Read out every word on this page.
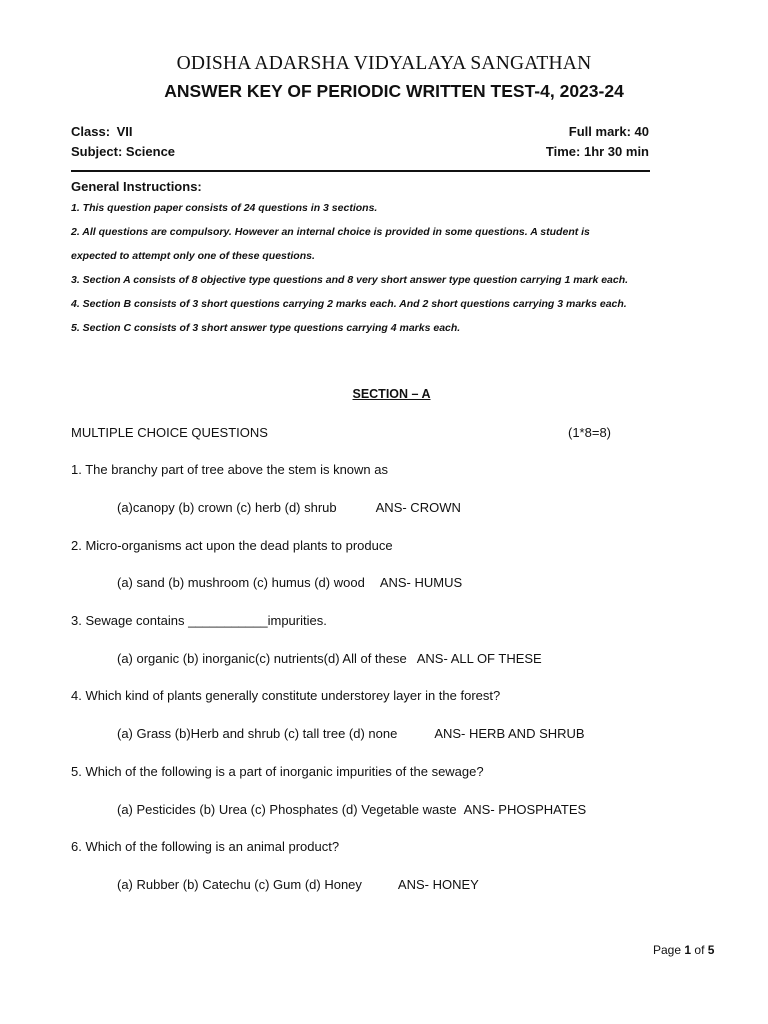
ODISHA ADARSHA VIDYALAYA SANGATHAN
ANSWER KEY OF PERIODIC WRITTEN TEST-4, 2023-24
Class: VII
Subject: Science
Full mark: 40
Time: 1hr 30 min
General Instructions:
1. This question paper consists of 24 questions in 3 sections.
2. All questions are compulsory. However an internal choice is provided in some questions. A student is
expected to attempt only one of these questions.
3. Section A consists of 8 objective type questions and 8 very short answer type question carrying 1 mark each.
4. Section B consists of 3 short questions carrying 2 marks each. And 2 short questions carrying 3 marks each.
5. Section C consists of 3 short answer type questions carrying 4 marks each.
SECTION – A
MULTIPLE CHOICE QUESTIONS	(1*8=8)
1. The branchy part of tree above the stem is known as
(a)canopy (b) crown (c) herb (d) shrub	ANS- CROWN
2. Micro-organisms act upon the dead plants to produce
(a) sand (b) mushroom (c) humus (d) wood ANS- HUMUS
3. Sewage contains ___________impurities.
(a) organic (b) inorganic(c) nutrients(d) All of these ANS- ALL OF THESE
4. Which kind of plants generally constitute understorey layer in the forest?
(a) Grass (b)Herb and shrub (c) tall tree (d) none	ANS- HERB AND SHRUB
5. Which of the following is a part of inorganic impurities of the sewage?
(a) Pesticides (b) Urea (c) Phosphates (d) Vegetable waste ANS- PHOSPHATES
6. Which of the following is an animal product?
(a) Rubber (b) Catechu (c) Gum (d) Honey	ANS- HONEY
Page 1 of 5
